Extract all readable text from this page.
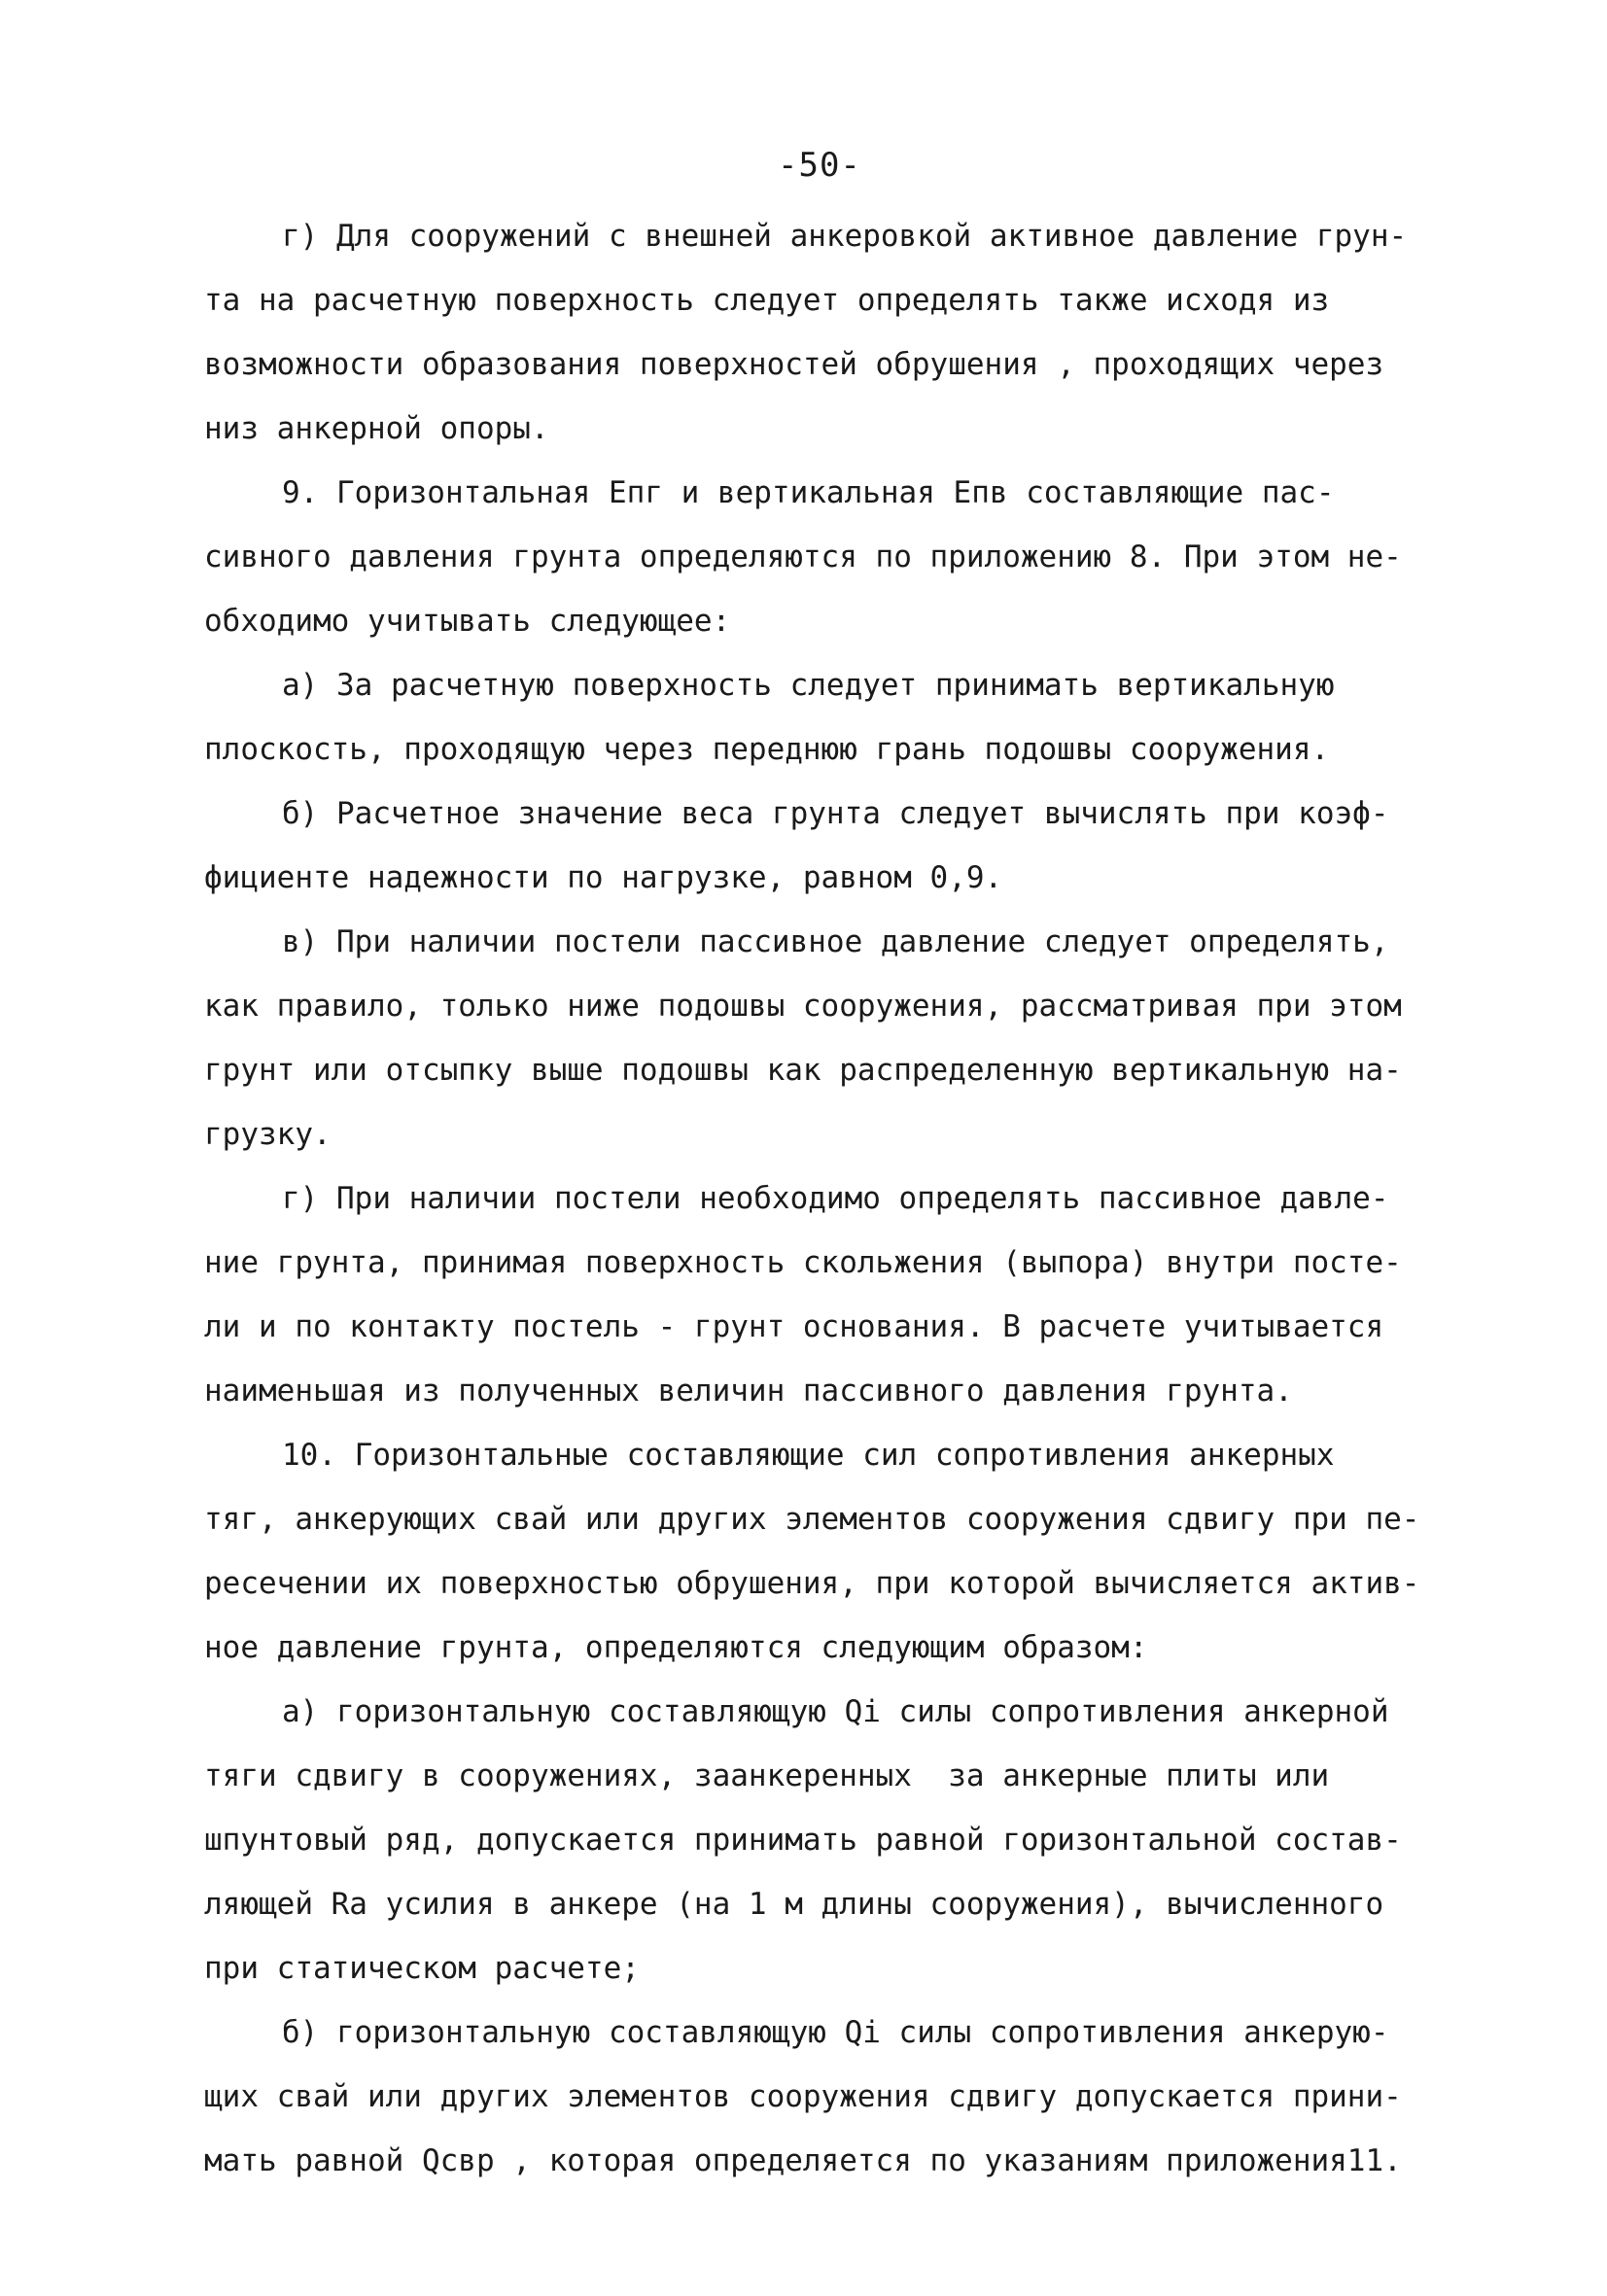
-50-
г) Для сооружений с внешней анкеровкой активное давление грун-
та на расчетную поверхность следует определять также исходя из
возможности образования поверхностей обрушения , проходящих через
низ анкерной опоры.
9. Горизонтальная Eпг и вертикальная Eпв составляющие пас-
сивного давления грунта определяются по приложению 8. При этом не-
обходимо учитывать следующее:
а) За расчетную поверхность следует принимать вертикальную
плоскость, проходящую через переднюю грань подошвы сооружения.
б) Расчетное значение веса грунта следует вычислять при коэф-
фициенте надежности по нагрузке, равном 0,9.
в) При наличии постели пассивное давление следует определять,
как правило, только ниже подошвы сооружения, рассматривая при этом
грунт или отсыпку выше подошвы как распределенную вертикальную на-
грузку.
г) При наличии постели необходимо определять пассивное давле-
ние грунта, принимая поверхность скольжения (выпора) внутри посте-
ли и по контакту постель - грунт основания. В расчете учитывается
наименьшая из полученных величин пассивного давления грунта.
10. Горизонтальные составляющие сил сопротивления анкерных
тяг, анкерующих свай или других элементов сооружения сдвигу при пе-
ресечении их поверхностью обрушения, при которой вычисляется актив-
ное давление грунта, определяются следующим образом:
а) горизонтальную составляющую Qi силы сопротивления анкерной
тяги сдвигу в сооружениях, заанкеренных  за анкерные плиты или
шпунтовый ряд, допускается принимать равной горизонтальной состав-
ляющей Ra усилия в анкере (на 1 м длины сооружения), вычисленного
при статическом расчете;
б) горизонтальную составляющую Qi силы сопротивления анкерую-
щих свай или других элементов сооружения сдвигу допускается прини-
мать равной Qсвр , которая определяется по указаниям приложения11.
